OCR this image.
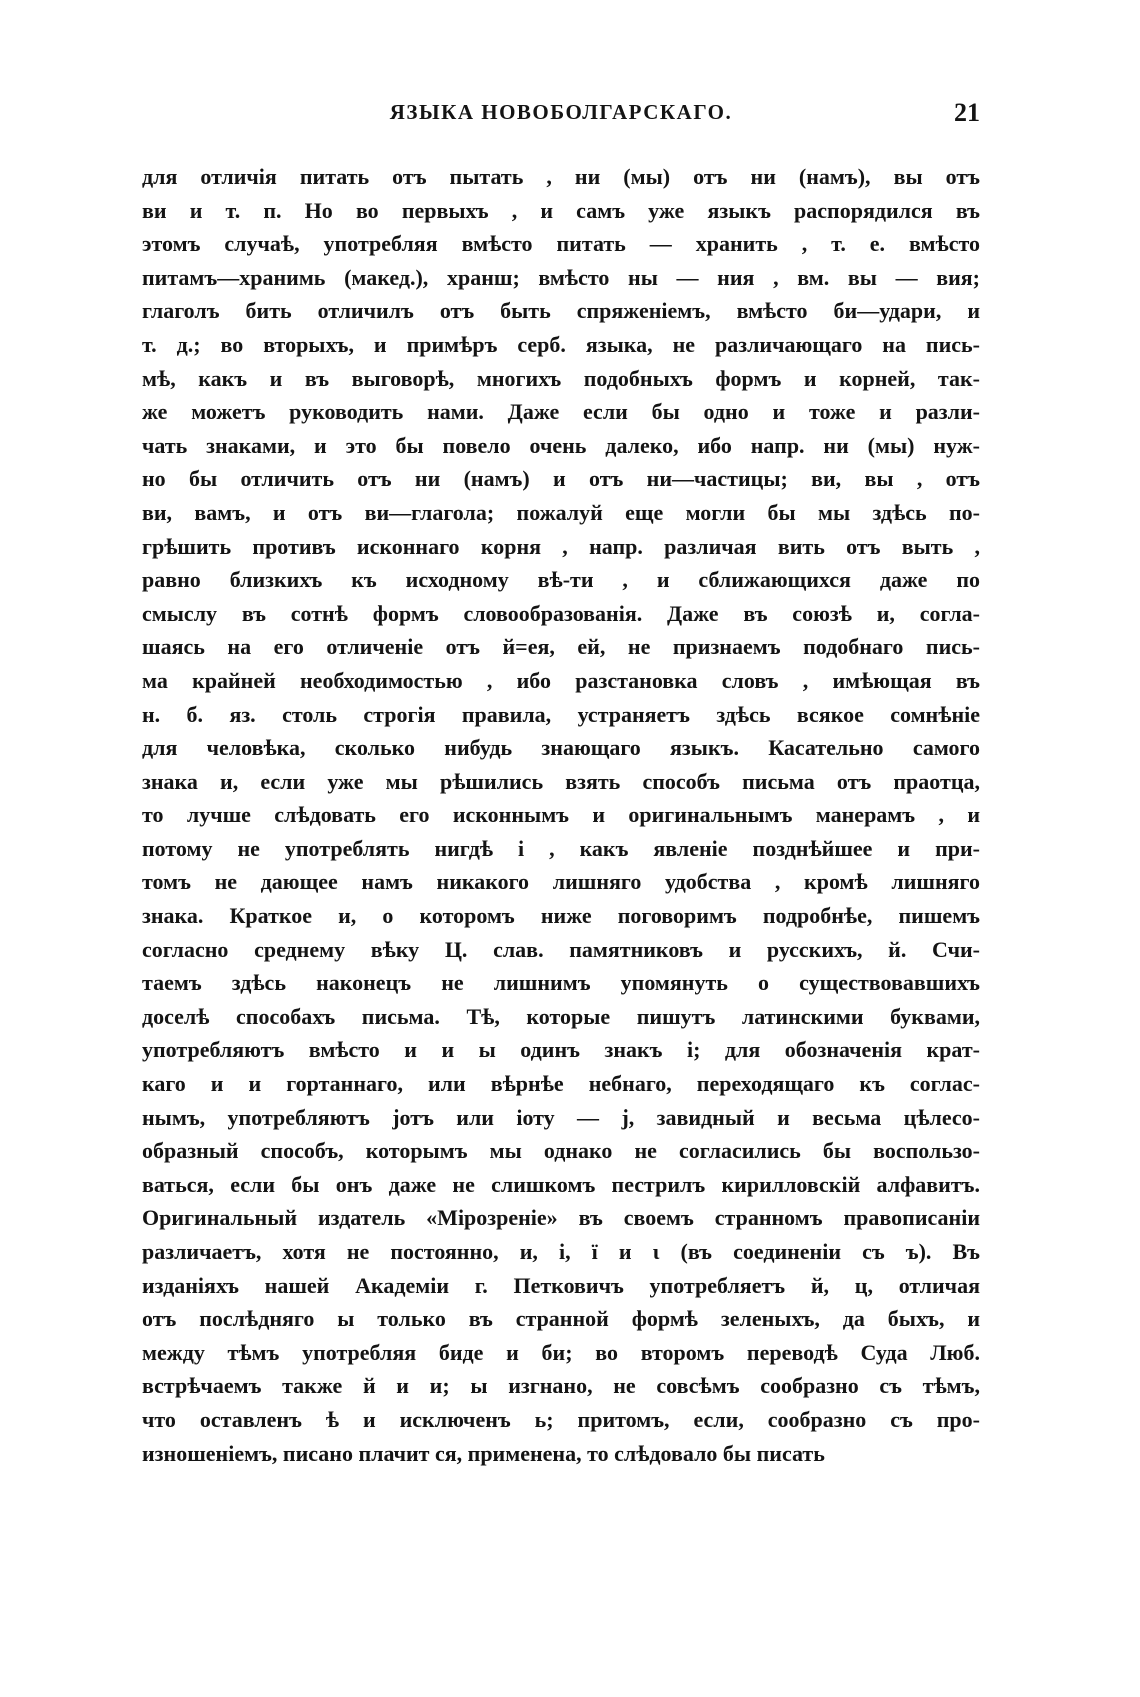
ЯЗЫКА НОВОБОЛГАРСКАГО.	21
для отличія питать отъ пытать , ни (мы) отъ ни (намъ), вы отъ
ви и т. п. Но во первыхъ , и самъ уже языкъ распорядился въ
этомъ случаѣ, употребляя вмѣсто питать — хранить , т. е. вмѣсто
питамъ—хранимь (макед.), хранш; вмѣсто ны — ния , вм. вы — вия;
глаголъ бить отличилъ отъ быть спряженіемъ, вмѣсто би—удари, и
т. д.; во вторыхъ, и примѣръ серб. языка, не различающаго на пись-
мѣ, какъ и въ выговорѣ, многихъ подобныхъ формъ и корней, так-
же можетъ руководить нами. Даже если бы одно и тоже и разли-
чать знаками, и это бы повело очень далеко, ибо напр. ни (мы) нуж-
но бы отличить отъ ни (намъ) и отъ ни—частицы; ви, вы , отъ
ви, вамъ, и отъ ви—глагола; пожалуй еще могли бы мы здѣсь по-
грѣшить противъ исконнаго корня , напр. различая вить отъ выть ,
равно близкихъ къ исходному вѣ-ти , и сближающихся даже по
смыслу въ сотнѣ формъ словообразованія. Даже въ союзѣ и, согла-
шаясь на его отличеніе отъ й=ея, ей, не признаемъ подобнаго пись-
ма крайней необходимостью , ибо разстановка словъ , имѣющая въ
н. б. яз. столь строгія правила, устраняетъ здѣсь всякое сомнѣніе
для человѣка, сколько нибудь знающаго языкъ. Касательно самого
знака и, если уже мы рѣшились взять способъ письма отъ праотца,
то лучше слѣдовать его исконнымъ и оригинальнымъ манерамъ , и
потому не употреблять нигдѣ і , какъ явленіе позднѣйшее и при-
томъ не дающее намъ никакого лишняго удобства , кромѣ лишняго
знака. Краткое и, о которомъ ниже поговоримъ подробнѣе, пишемъ
согласно среднему вѣку Ц. слав. памятниковъ и русскихъ, й. Счи-
таемъ здѣсь наконецъ не лишнимъ упомянуть о существовавшихъ
доселѣ способахъ письма. Тѣ, которые пишутъ латинскими буквами,
употребляютъ вмѣсто и и ы одинъ знакъ і; для обозначенія крат-
каго и и гортаннаго, или вѣрнѣе небнаго, переходящаго къ соглас-
нымъ, употребляютъ јотъ или іоту — ј, завидный и весьма цѣлесо-
образный способъ, которымъ мы однако не согласились бы воспользо-
ваться, если бы онъ даже не слишкомъ пестрилъ кирилловскій алфавитъ.
Оригинальный издатель «Мірозреніе» въ своемъ странномъ правописаніи
различаетъ, хотя не постоянно, и, і, ї и ɩ (въ соединеніи съ ъ). Въ
изданіяхъ нашей Академіи г. Петковичъ употребляетъ й, ц, отличая
отъ послѣдняго ы только въ странной формѣ зеленыхъ, да быхъ, и
между тѣмъ употребляя биде и би; во второмъ переводѣ Суда Люб.
встрѣчаемъ также й и и; ы изгнано, не совсѣмъ сообразно съ тѣмъ,
что оставленъ ѣ и исключенъ ь; притомъ, если, сообразно съ про-
изношеніемъ, писано плачит ся, применена, то слѣдовало бы писать
